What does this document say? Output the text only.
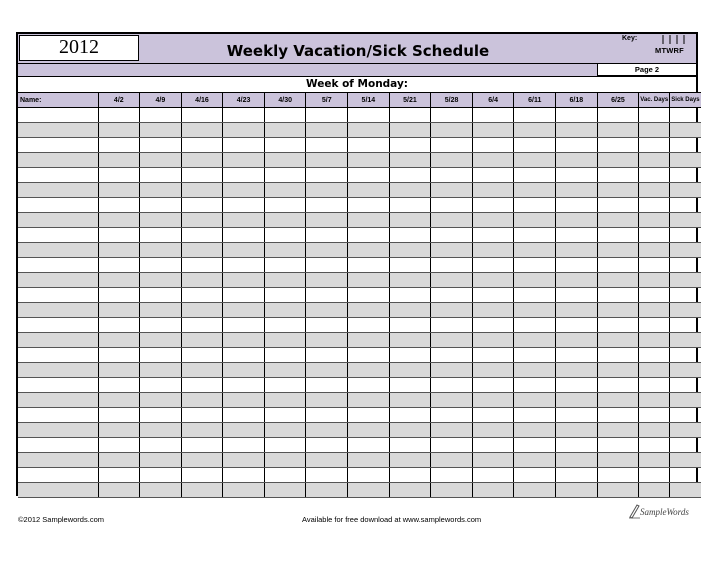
2012	Weekly Vacation/Sick Schedule
Key:
MTWRF
Page 2
Week of Monday:
Name:	4/2	4/9	4/16	4/23	4/30	5/7	5/14	5/21	5/28	6/4	6/11	6/18	6/25	Vac. Days	Sick Days

©2012 Samplewords.com	Available for free download at www.samplewords.com
SampleWords
